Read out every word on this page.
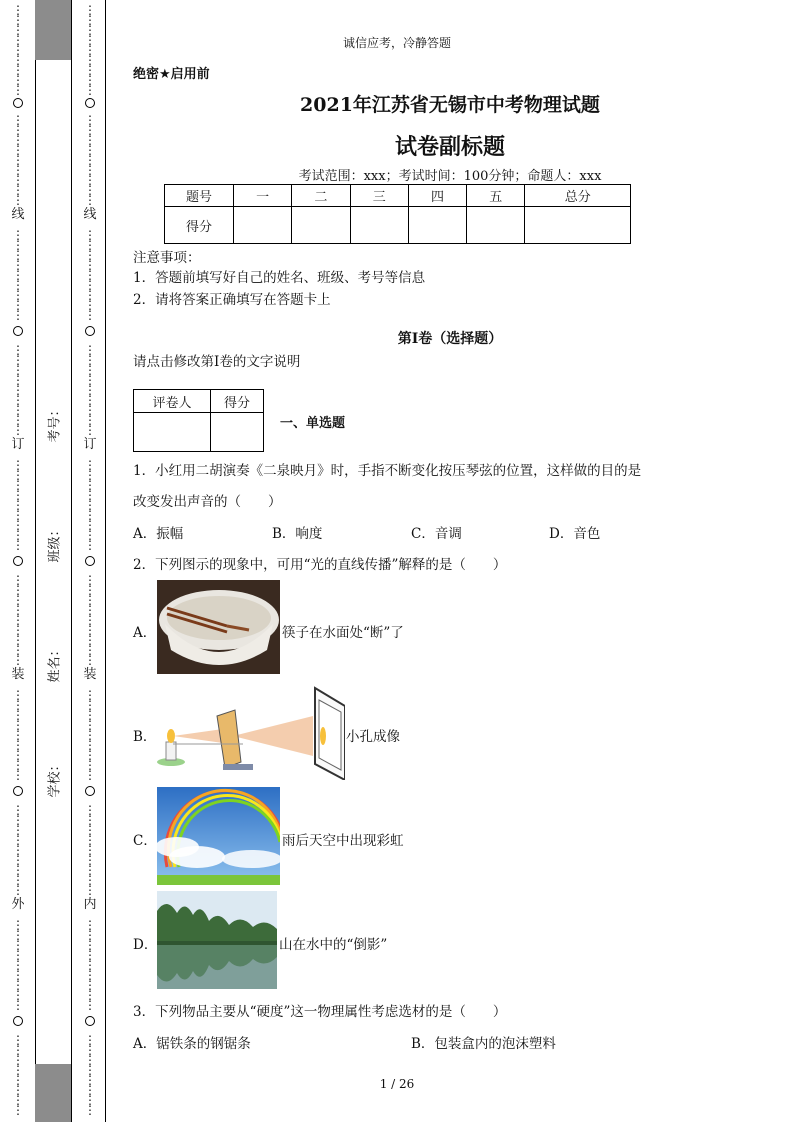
⋮
⋮
⋮
⋮
⋮
⋮
⋮
⋮
⋮
⋮
⋮
⋮
⋮
⋮
⋮
⋮
⋮
⋮
线
⋮
⋮
⋮
⋮
⋮
⋮
⋮
⋮
⋮
⋮
⋮
⋮
⋮
⋮
⋮
⋮
⋮
⋮
订
⋮
⋮
⋮
⋮
⋮
⋮
⋮
⋮
⋮
⋮
⋮
⋮
⋮
⋮
⋮
⋮
⋮
⋮
装
⋮
⋮
⋮
⋮
⋮
⋮
⋮
⋮
⋮
⋮
⋮
⋮
⋮
⋮
⋮
⋮
⋮
⋮
外
⋮
⋮
⋮
⋮
⋮
⋮
⋮
⋮
⋮
⋮
⋮
⋮
⋮
⋮
⋮
⋮
⋮
考号：
班级：
姓名：
学校：
⋮
⋮
⋮
⋮
⋮
⋮
⋮
⋮
⋮
⋮
⋮
⋮
⋮
⋮
⋮
⋮
⋮
⋮
线
⋮
⋮
⋮
⋮
⋮
⋮
⋮
⋮
⋮
⋮
⋮
⋮
⋮
⋮
⋮
⋮
⋮
⋮
订
⋮
⋮
⋮
⋮
⋮
⋮
⋮
⋮
⋮
⋮
⋮
⋮
⋮
⋮
⋮
⋮
⋮
⋮
装
⋮
⋮
⋮
⋮
⋮
⋮
⋮
⋮
⋮
⋮
⋮
⋮
⋮
⋮
⋮
⋮
⋮
⋮
内
⋮
⋮
⋮
⋮
⋮
⋮
⋮
⋮
⋮
⋮
⋮
⋮
⋮
⋮
⋮
⋮
⋮
诚信应考，冷静答题
绝密★启用前
2021年江苏省无锡市中考物理试题
试卷副标题
考试范围：xxx；考试时间：100分钟；命题人：xxx
题号	一	二	三	四	五	总分
得分						
注意事项：
1．答题前填写好自己的姓名、班级、考号等信息
2．请将答案正确填写在答题卡上
第I卷（选择题）
请点击修改第I卷的文字说明
评卷人	得分

一、单选题
1．小红用二胡演奏《二泉映月》时，手指不断变化按压琴弦的位置，这样做的目的是
改变发出声音的（　　）
A．振幅	B．响度	C．音调	D．音色
2．下列图示的现象中，可用“光的直线传播”解释的是（　　）
A．	筷子在水面处“断”了
B．	小孔成像
C．	雨后天空中出现彩虹
D．	山在水中的“倒影”
3．下列物品主要从“硬度”这一物理属性考虑选材的是（　　）
A．锯铁条的钢锯条	B．包装盒内的泡沫塑料
1 / 26
